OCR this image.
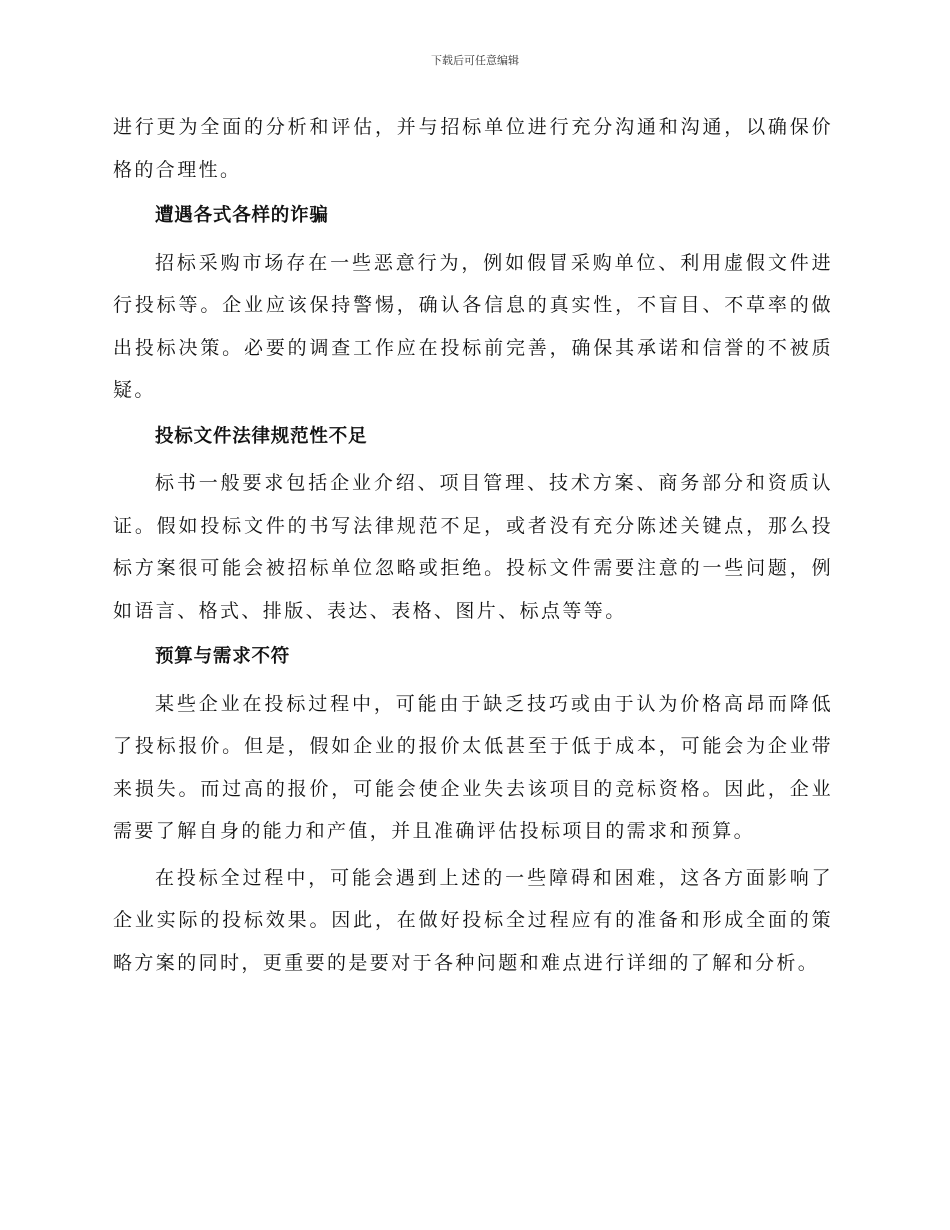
下载后可任意编辑

进行更为全面的分析和评估，并与招标单位进行充分沟通和沟通，以确保价格的合理性。

遭遇各式各样的诈骗

招标采购市场存在一些恶意行为，例如假冒采购单位、利用虚假文件进行投标等。企业应该保持警惕，确认各信息的真实性，不盲目、不草率的做出投标决策。必要的调查工作应在投标前完善，确保其承诺和信誉的不被质疑。

投标文件法律规范性不足

标书一般要求包括企业介绍、项目管理、技术方案、商务部分和资质认证。假如投标文件的书写法律规范不足，或者没有充分陈述关键点，那么投标方案很可能会被招标单位忽略或拒绝。投标文件需要注意的一些问题，例如语言、格式、排版、表达、表格、图片、标点等等。

预算与需求不符

某些企业在投标过程中，可能由于缺乏技巧或由于认为价格高昂而降低了投标报价。但是，假如企业的报价太低甚至于低于成本，可能会为企业带来损失。而过高的报价，可能会使企业失去该项目的竞标资格。因此，企业需要了解自身的能力和产值，并且准确评估投标项目的需求和预算。

在投标全过程中，可能会遇到上述的一些障碍和困难，这各方面影响了企业实际的投标效果。因此，在做好投标全过程应有的准备和形成全面的策略方案的同时，更重要的是要对于各种问题和难点进行详细的了解和分析。
